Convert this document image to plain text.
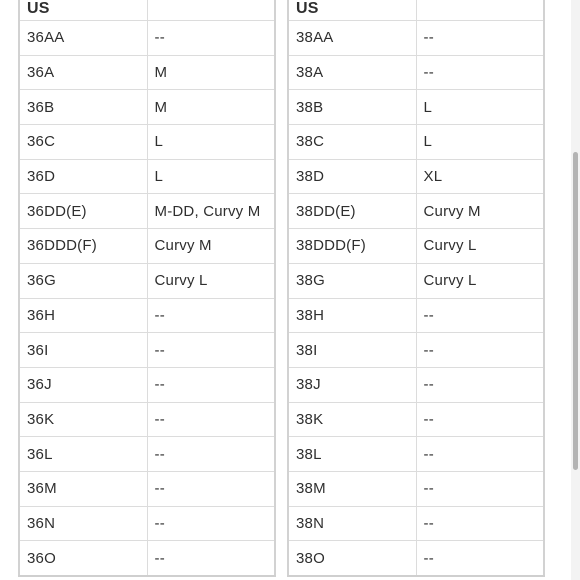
US	
36AA	--
36A	M
36B	M
36C	L
36D	L
36DD(E)	M-DD, Curvy M
36DDD(F)	Curvy M
36G	Curvy L
36H	--
36I	--
36J	--
36K	--
36L	--
36M	--
36N	--
36O	--
US	
38AA	--
38A	--
38B	L
38C	L
38D	XL
38DD(E)	Curvy M
38DDD(F)	Curvy L
38G	Curvy L
38H	--
38I	--
38J	--
38K	--
38L	--
38M	--
38N	--
38O	--
